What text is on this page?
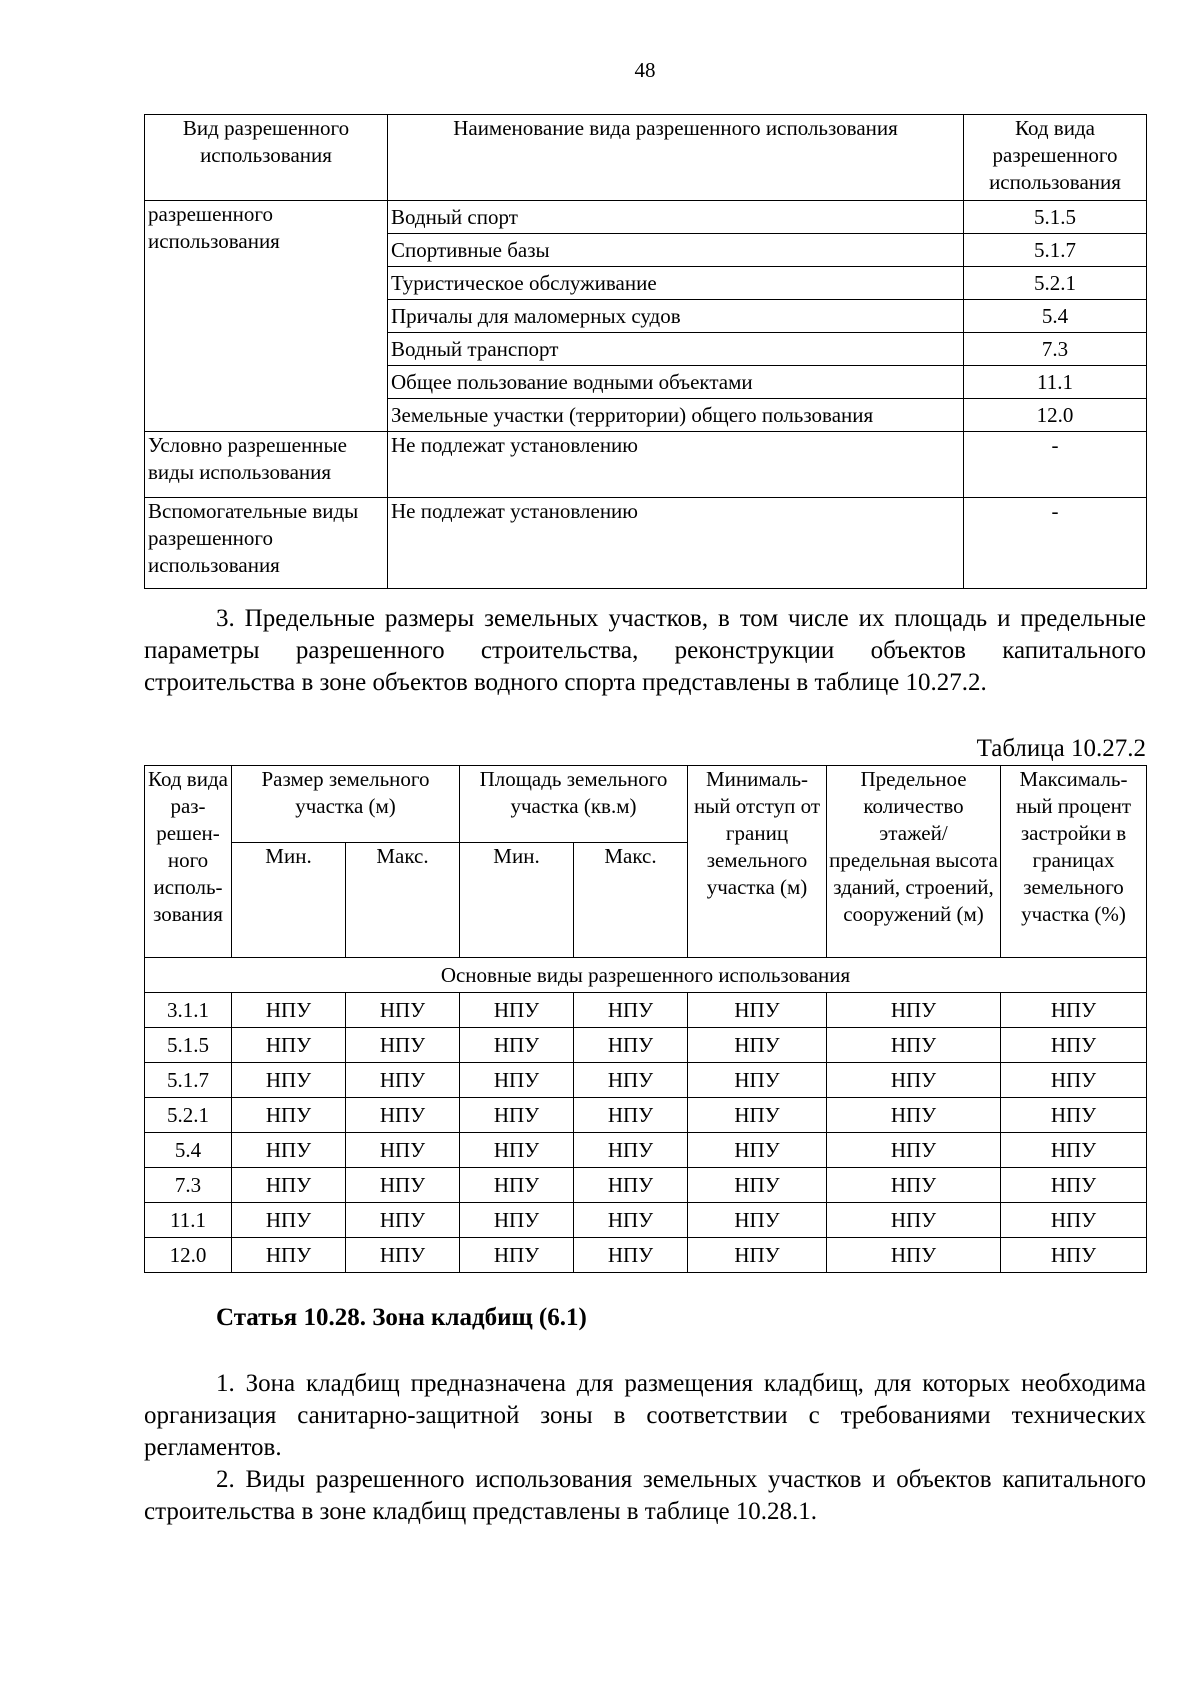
48
Вид разрешенного использования	Наименование вида разрешенного использования	Код вида разрешенного использования
разрешенного использования	Водный спорт	5.1.5
	Спортивные базы	5.1.7
	Туристическое обслуживание	5.2.1
	Причалы для маломерных судов	5.4
	Водный транспорт	7.3
	Общее пользование водными объектами	11.1
	Земельные участки (территории) общего пользования	12.0
Условно разрешенные виды использования	Не подлежат установлению	-
Вспомогательные виды разрешенного использования	Не подлежат установлению	-
3. Предельные размеры земельных участков, в том числе их площадь и предельные параметры разрешенного строительства, реконструкции объектов капитального строительства в зоне объектов водного спорта представлены в таблице 10.27.2.
Таблица 10.27.2
Код вида раз-решен-ного исполь-зования	Размер земельного участка (м)		Площадь земельного участка (кв.м)		Минималь-ный отступ от границ земельного участка (м)	Предельное количество этажей/ предельная высота зданий, строений, сооружений (м)	Максималь-ный процент застройки в границах земельного участка (%)
	Мин.	Макс.	Мин.	Макс.			
Основные виды разрешенного использования							
3.1.1	НПУ	НПУ	НПУ	НПУ	НПУ	НПУ	НПУ
5.1.5	НПУ	НПУ	НПУ	НПУ	НПУ	НПУ	НПУ
5.1.7	НПУ	НПУ	НПУ	НПУ	НПУ	НПУ	НПУ
5.2.1	НПУ	НПУ	НПУ	НПУ	НПУ	НПУ	НПУ
5.4	НПУ	НПУ	НПУ	НПУ	НПУ	НПУ	НПУ
7.3	НПУ	НПУ	НПУ	НПУ	НПУ	НПУ	НПУ
11.1	НПУ	НПУ	НПУ	НПУ	НПУ	НПУ	НПУ
12.0	НПУ	НПУ	НПУ	НПУ	НПУ	НПУ	НПУ
Статья 10.28. Зона кладбищ (6.1)
1. Зона кладбищ предназначена для размещения кладбищ, для которых необходима организация санитарно-защитной зоны в соответствии с требованиями технических регламентов.
2. Виды разрешенного использования земельных участков и объектов капитального строительства в зоне кладбищ представлены в таблице 10.28.1.
